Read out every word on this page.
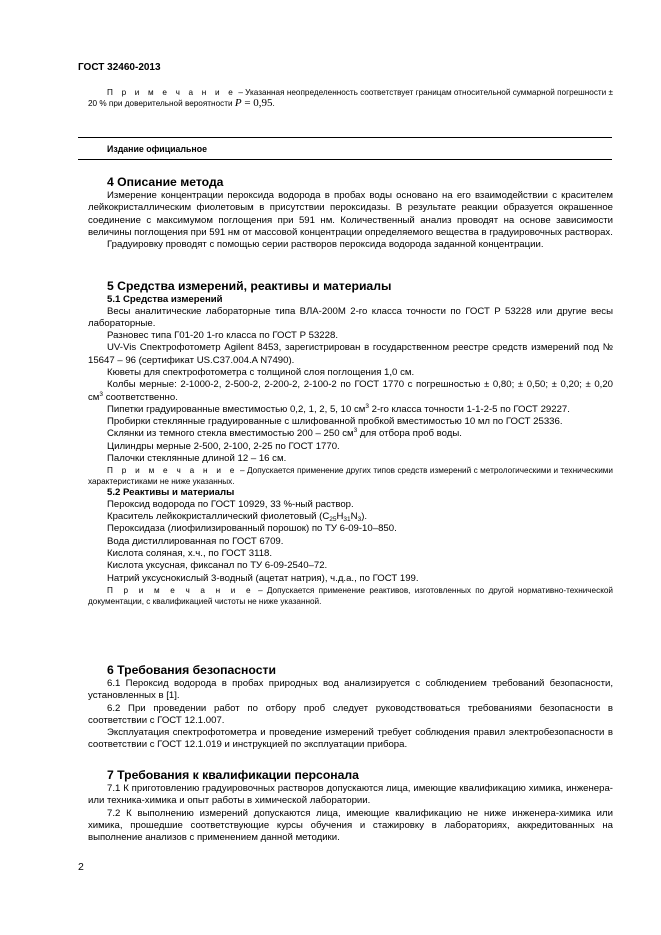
ГОСТ 32460-2013

П р и м е ч а н и е – Указанная неопределенность соответствует границам относительной суммарной погрешности ± 20 % при доверительной вероятности P = 0,95.

Издание официальное
4 Описание метода

Измерение концентрации пероксида водорода в пробах воды основано на его взаимодействии с красителем лейкокристаллическим фиолетовым в присутствии пероксидазы. В результате реакции образуется окрашенное соединение с максимумом поглощения при 591 нм. Количественный анализ проводят на основе зависимости величины поглощения при 591 нм от массовой концентрации определяемого вещества в градуировочных растворах.

Градуировку проводят с помощью серии растворов пероксида водорода заданной концентрации.

5 Средства измерений, реактивы и материалы
5.1 Средства измерений

Весы аналитические лабораторные типа ВЛА-200М 2-го класса точности по ГОСТ Р 53228 или другие весы лабораторные.

Разновес типа Г01-20 1-го класса по ГОСТ Р 53228.

UV-Vis Спектрофотометр Agilent 8453, зарегистрирован в государственном реестре средств измерений под № 15647 – 96 (сертификат US.C37.004.A N7490).

Кюветы для спектрофотометра с толщиной слоя поглощения 1,0 см.

Колбы мерные: 2-1000-2, 2-500-2, 2-200-2, 2-100-2 по ГОСТ 1770 с погрешностью ± 0,80; ± 0,50; ± 0,20; ± 0,20 $см^3$ соответственно.

Пипетки градуированные вместимостью 0,2, 1, 2, 5, 10 $см^3$ 2-го класса точности 1-1-2-5 по ГОСТ 29227.

Пробирки стеклянные градуированные с шлифованной пробкой вместимостью 10 мл по ГОСТ 25336.

Склянки из темного стекла вместимостью 200 – 250 $см^3$ для отбора проб воды.

Цилиндры мерные 2-500, 2-100, 2-25 по ГОСТ 1770.

Палочки стеклянные длиной 12 – 16 см.

П р и м е ч а н и е – Допускается применение других типов средств измерений с метрологическими и техническими характеристиками не ниже указанных.

5.2 Реактивы и материалы

Пероксид водорода по ГОСТ 10929, 33 %-ный раствор.

Краситель лейкокристаллический фиолетовый $(C_{25}H_{31}N_3)$.

Пероксидаза (лиофилизированный порошок) по ТУ 6-09-10–850.

Вода дистиллированная по ГОСТ 6709.

Кислота соляная, х.ч., по ГОСТ 3118.

Кислота уксусная, фиксанал по ТУ 6-09-2540–72.

Натрий уксуснокислый 3-водный (ацетат натрия), ч.д.а., по ГОСТ 199.

П р и м е ч а н и е – Допускается применение реактивов, изготовленных по другой нормативно-технической документации, с квалификацией чистоты не ниже указанной.

6 Требования безопасности

6.1 Пероксид водорода в пробах природных вод анализируется с соблюдением требований безопасности, установленных в [1].

6.2 При проведении работ по отбору проб следует руководствоваться требованиями безопасности в соответствии с ГОСТ 12.1.007.

Эксплуатация спектрофотометра и проведение измерений требует соблюдения правил электробезопасности в соответствии с ГОСТ 12.1.019 и инструкцией по эксплуатации прибора.

7 Требования к квалификации персонала

7.1 К приготовлению градуировочных растворов допускаются лица, имеющие квалификацию химика, инженера- или техника-химика и опыт работы в химической лаборатории.

7.2 К выполнению измерений допускаются лица, имеющие квалификацию не ниже инженера-химика или химика, прошедшие соответствующие курсы обучения и стажировку в лабораториях, аккредитованных на выполнение анализов с применением данной методики.

2
